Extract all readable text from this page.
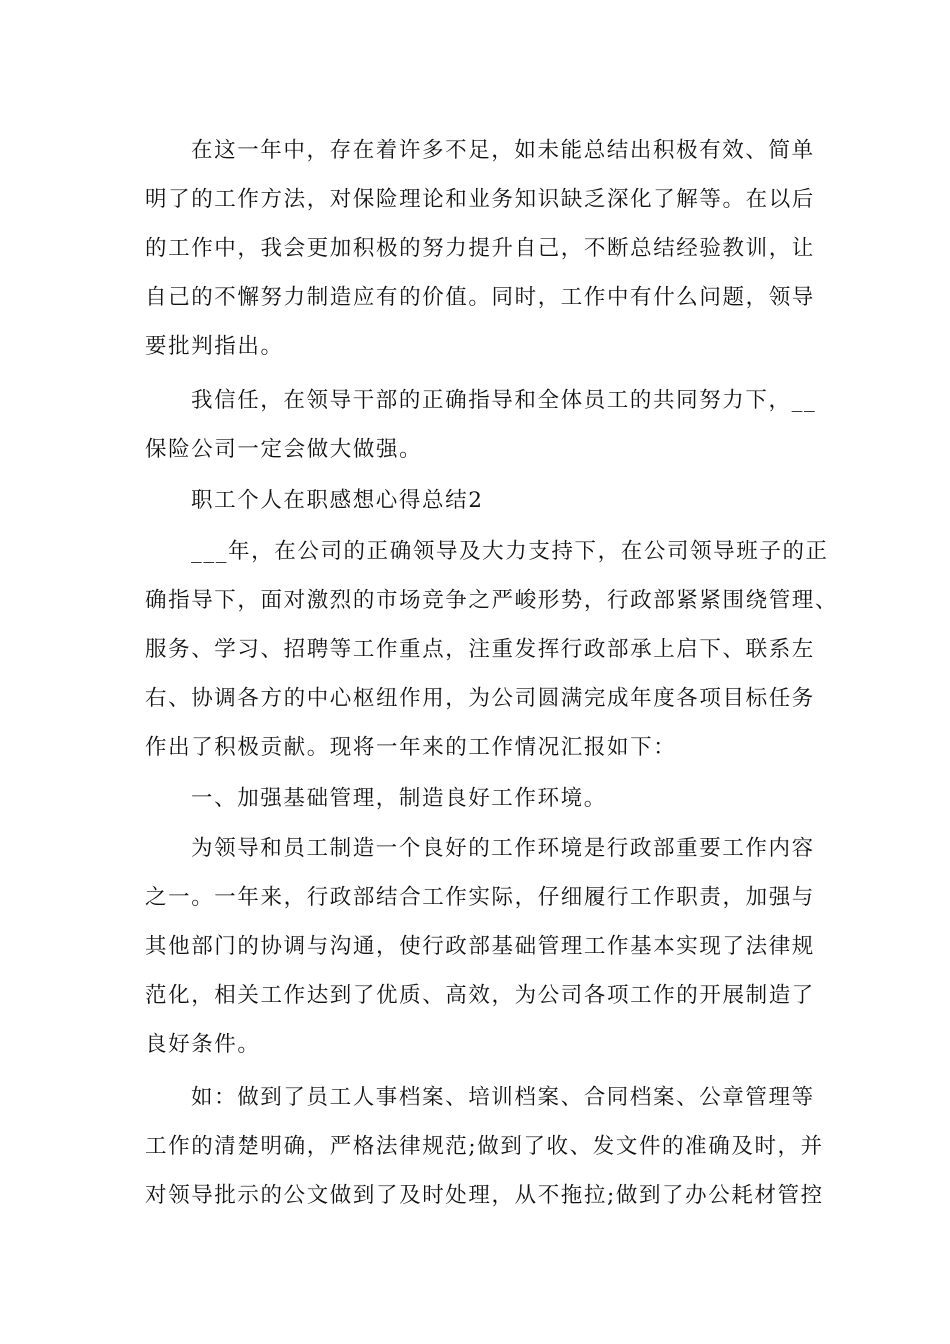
在这一年中，存在着许多不足，如未能总结出积极有效、简单
明了的工作方法，对保险理论和业务知识缺乏深化了解等。在以后
的工作中，我会更加积极的努力提升自己，不断总结经验教训，让
自己的不懈努力制造应有的价值。同时，工作中有什么问题，领导
要批判指出。
我信任，在领导干部的正确指导和全体员工的共同努力下，__
保险公司一定会做大做强。
职工个人在职感想心得总结2
___年，在公司的正确领导及大力支持下，在公司领导班子的正
确指导下，面对激烈的市场竞争之严峻形势，行政部紧紧围绕管理、
服务、学习、招聘等工作重点，注重发挥行政部承上启下、联系左
右、协调各方的中心枢纽作用，为公司圆满完成年度各项目标任务
作出了积极贡献。现将一年来的工作情况汇报如下：
一、加强基础管理，制造良好工作环境。
为领导和员工制造一个良好的工作环境是行政部重要工作内容
之一。一年来，行政部结合工作实际，仔细履行工作职责，加强与
其他部门的协调与沟通，使行政部基础管理工作基本实现了法律规
范化，相关工作达到了优质、高效，为公司各项工作的开展制造了
良好条件。
如：做到了员工人事档案、培训档案、合同档案、公章管理等
工作的清楚明确，严格法律规范;做到了收、发文件的准确及时，并
对领导批示的公文做到了及时处理，从不拖拉;做到了办公耗材管控
